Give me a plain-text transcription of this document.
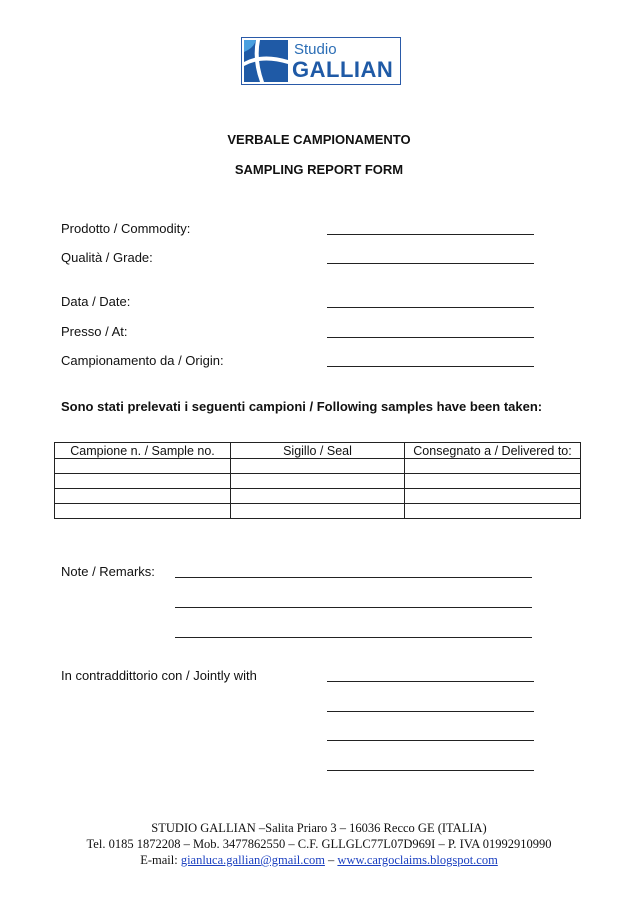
Studio
GALLIAN
VERBALE CAMPIONAMENTO
SAMPLING REPORT FORM
Prodotto / Commodity:
Qualità / Grade:
Data / Date:
Presso / At:
Campionamento da / Origin:
Sono stati prelevati i seguenti campioni / Following samples have been taken:
Campione n. / Sample no.	Sigillo / Seal	Consegnato a / Delivered to:

Note / Remarks:
In contraddittorio con / Jointly with
STUDIO GALLIAN –Salita Priaro 3 – 16036 Recco GE (ITALIA)
Tel. 0185 1872208 – Mob. 3477862550 – C.F. GLLGLC77L07D969I – P. IVA 01992910990
E-mail: gianluca.gallian@gmail.com – www.cargoclaims.blogspot.com
